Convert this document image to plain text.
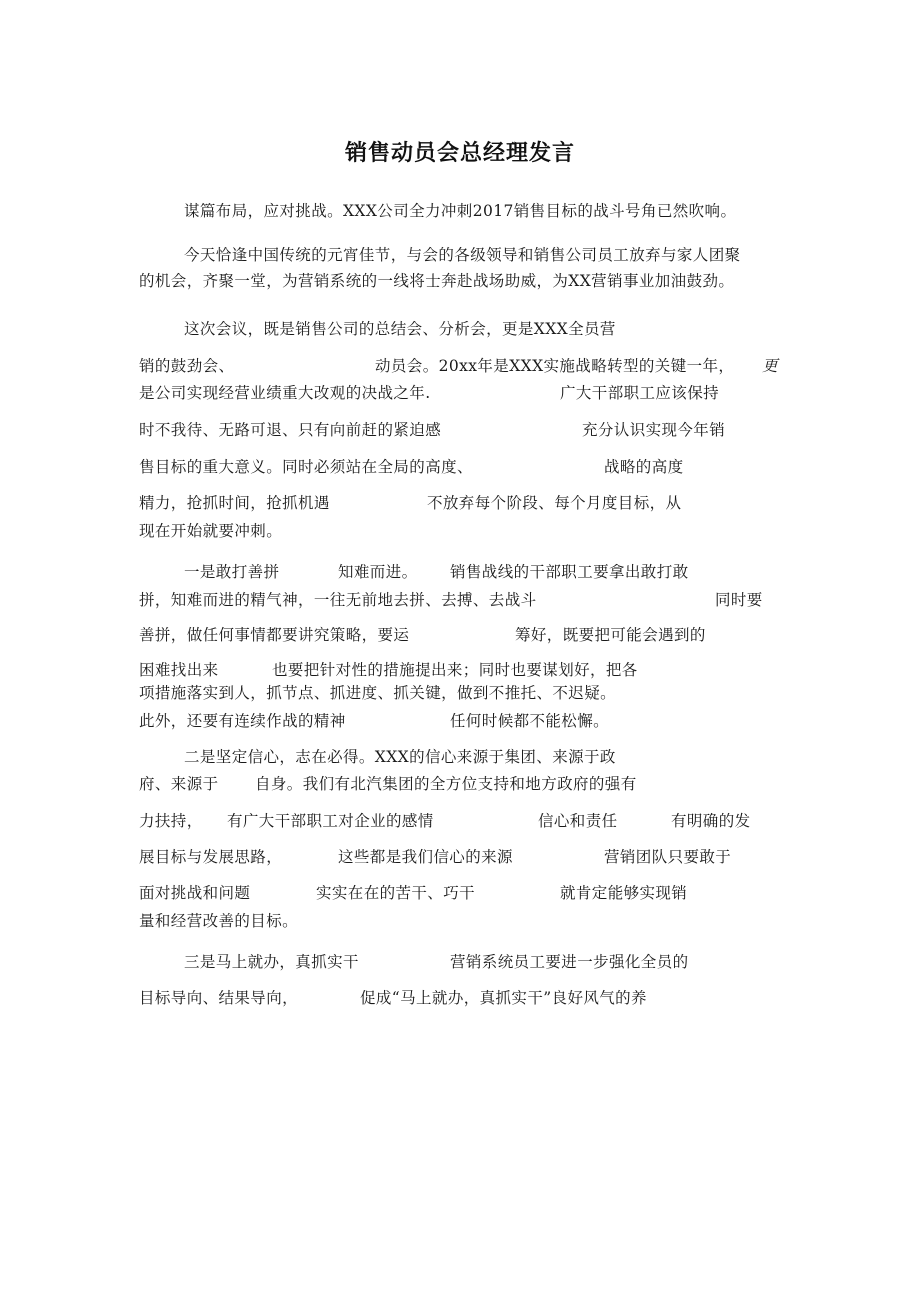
销售动员会总经理发言
谋篇布局，应对挑战。XXX公司全力冲刺2017销售目标的战斗号角已然吹响。
今天恰逢中国传统的元宵佳节，与会的各级领导和销售公司员工放弃与家人团聚
的机会，齐聚一堂，为营销系统的一线将士奔赴战场助威，为XX营销事业加油鼓劲。
这次会议，既是销售公司的总结会、分析会，更是XXX全员营
销的鼓劲会、	动员会。20xx年是XXX实施战略转型的关键一年， 更
是公司实现经营业绩重大改观的决战之年.	广大干部职工应该保持
时不我待、无路可退、只有向前赶的紧迫感	充分认识实现今年销
售目标的重大意义。同时必须站在全局的高度、	战略的高度
精力，抢抓时间，抢抓机遇	不放弃每个阶段、每个月度目标，从
现在开始就要冲刺。
一是敢打善拼	知难而进。 销售战线的干部职工要拿出敢打敢
拼，知难而进的精气神，一往无前地去拼、去搏、去战斗	同时要
善拼，做任何事情都要讲究策略，要运	筹好，既要把可能会遇到的
困难找出来	也要把针对性的措施提出来；同时也要谋划好，把各
项措施落实到人，抓节点、抓进度、抓关键，做到不推托、不迟疑。
此外，还要有连续作战的精神	任何时候都不能松懈。
二是坚定信心，志在必得。XXX的信心来源于集团、来源于政
府、来源于 自身。我们有北汽集团的全方位支持和地方政府的强有
力扶持， 有广大干部职工对企业的感情	信心和责任	有明确的发
展目标与发展思路，	这些都是我们信心的来源	营销团队只要敢于
面对挑战和问题	实实在在的苦干、巧干	就肯定能够实现销
量和经营改善的目标。
三是马上就办，真抓实干	营销系统员工要进一步强化全员的
目标导向、结果导向，	促成“马上就办，真抓实干”良好风气的养
